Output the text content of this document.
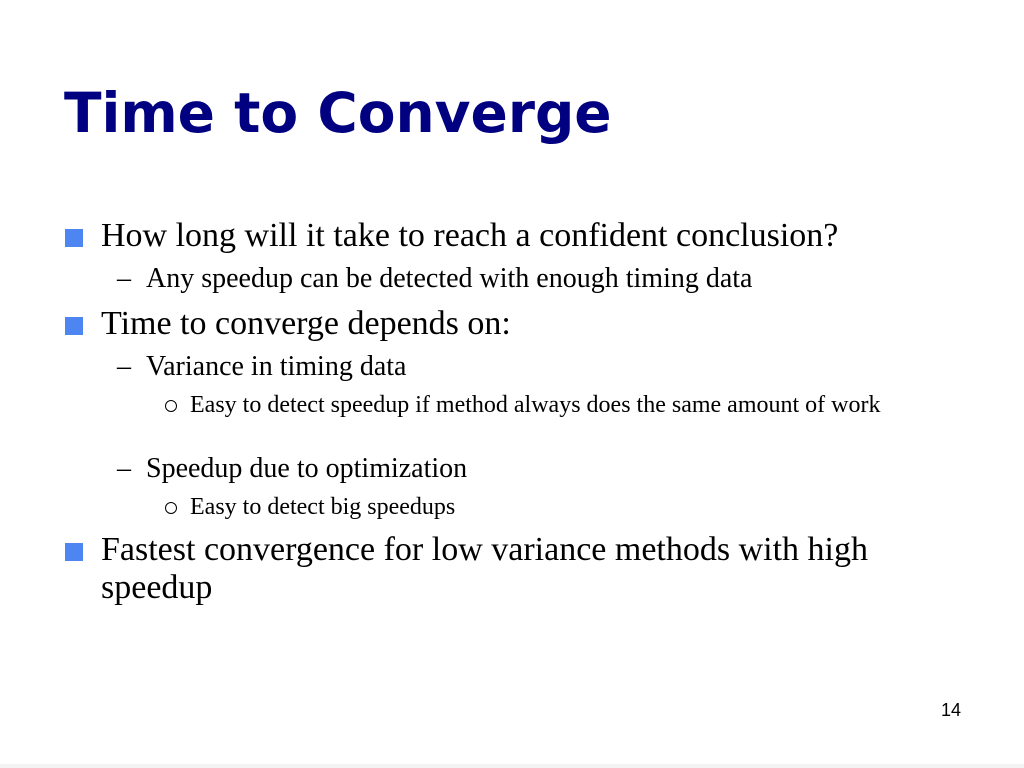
Time to Converge
How long will it take to reach a confident conclusion?
– Any speedup can be detected with enough timing data
Time to converge depends on:
– Variance in timing data
Easy to detect speedup if method always does the same amount of work
– Speedup due to optimization
Easy to detect big speedups
Fastest convergence for low variance methods with high speedup
14
